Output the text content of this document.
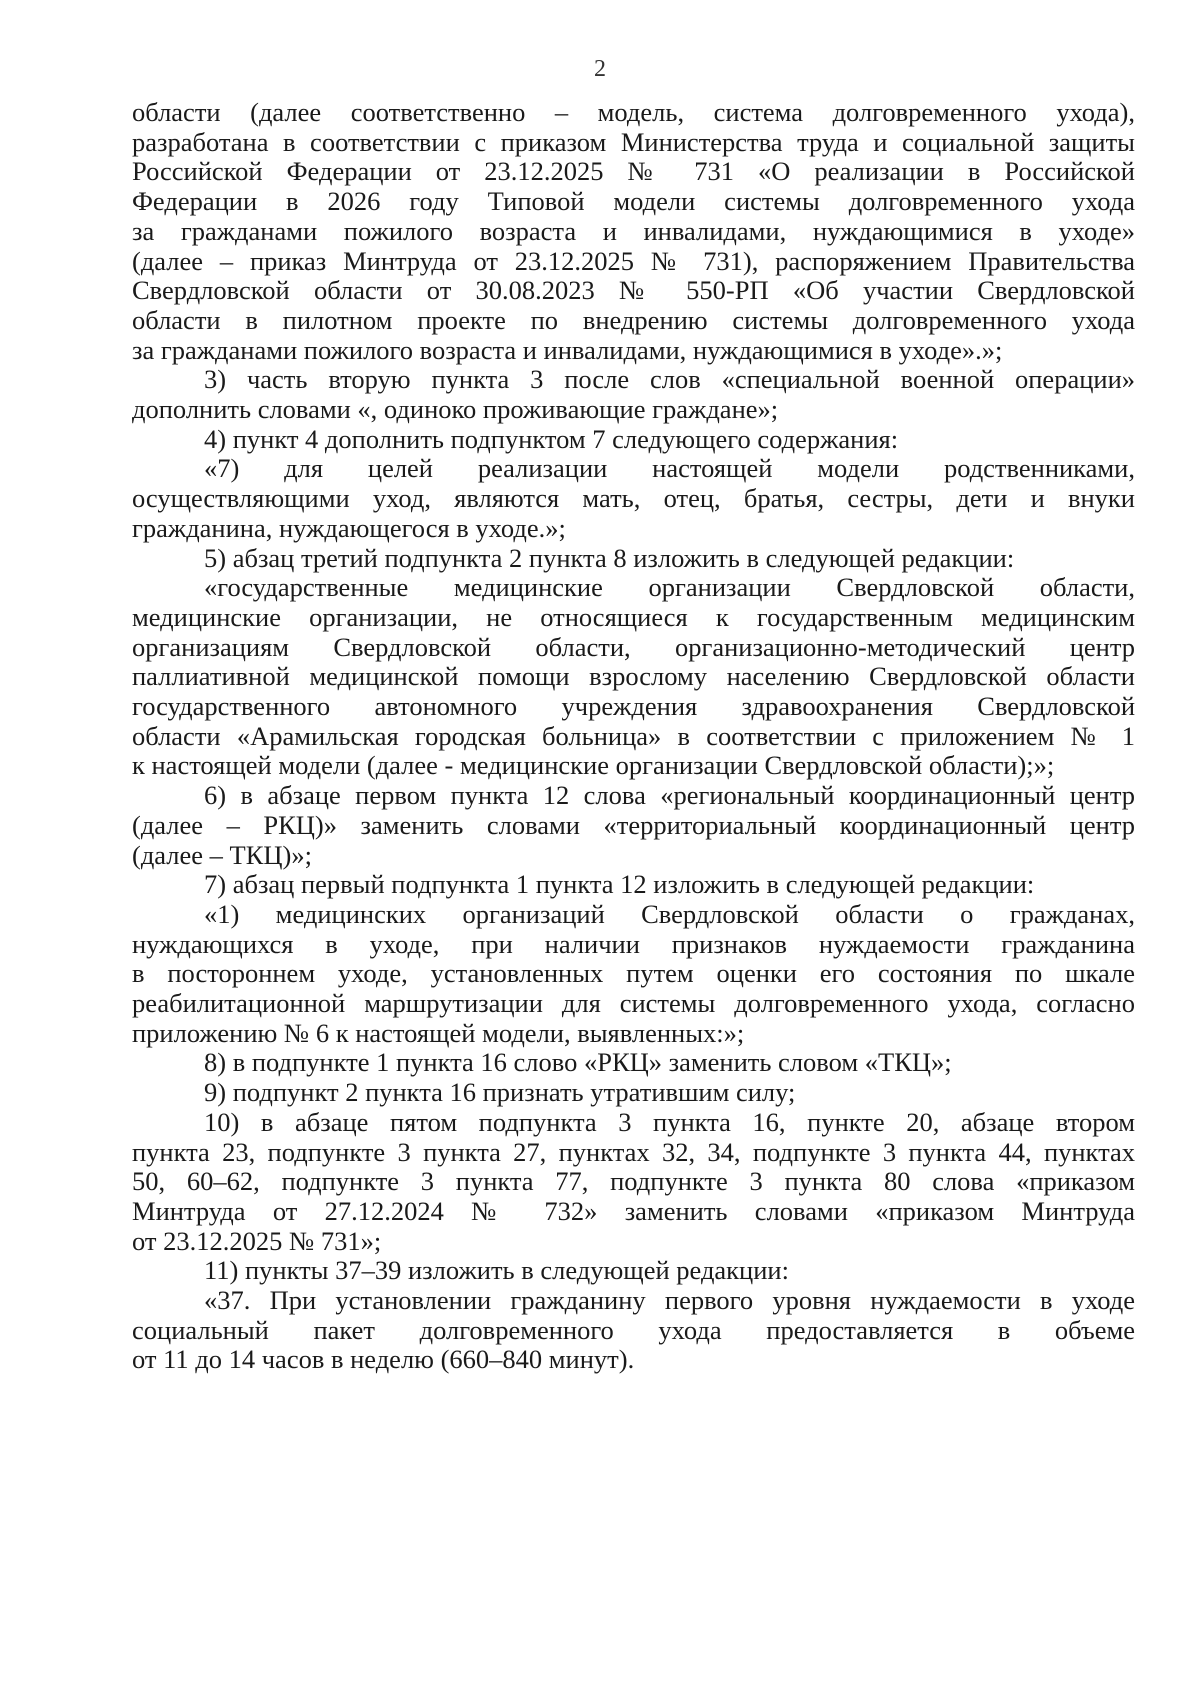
2
области (далее соответственно – модель, система долговременного ухода),
разработана в соответствии с приказом Министерства труда и социальной защиты
Российской Федерации от 23.12.2025 № 731 «О реализации в Российской
Федерации в 2026 году Типовой модели системы долговременного ухода
за гражданами пожилого возраста и инвалидами, нуждающимися в уходе»
(далее – приказ Минтруда от 23.12.2025 № 731), распоряжением Правительства
Свердловской области от 30.08.2023 № 550-РП «Об участии Свердловской
области в пилотном проекте по внедрению системы долговременного ухода
за гражданами пожилого возраста и инвалидами, нуждающимися в уходе».»;
3) часть вторую пункта 3 после слов «специальной военной операции»
дополнить словами «, одиноко проживающие граждане»;
4) пункт 4 дополнить подпунктом 7 следующего содержания:
«7) для целей реализации настоящей модели родственниками,
осуществляющими уход, являются мать, отец, братья, сестры, дети и внуки
гражданина, нуждающегося в уходе.»;
5) абзац третий подпункта 2 пункта 8 изложить в следующей редакции:
«государственные медицинские организации Свердловской области,
медицинские организации, не относящиеся к государственным медицинским
организациям Свердловской области, организационно-методический центр
паллиативной медицинской помощи взрослому населению Свердловской области
государственного автономного учреждения здравоохранения Свердловской
области «Арамильская городская больница» в соответствии с приложением № 1
к настоящей модели (далее - медицинские организации Свердловской области);»;
6) в абзаце первом пункта 12 слова «региональный координационный центр
(далее – РКЦ)» заменить словами «территориальный координационный центр
(далее – ТКЦ)»;
7) абзац первый подпункта 1 пункта 12 изложить в следующей редакции:
«1) медицинских организаций Свердловской области о гражданах,
нуждающихся в уходе, при наличии признаков нуждаемости гражданина
в постороннем уходе, установленных путем оценки его состояния по шкале
реабилитационной маршрутизации для системы долговременного ухода, согласно
приложению № 6 к настоящей модели, выявленных:»;
8) в подпункте 1 пункта 16 слово «РКЦ» заменить словом «ТКЦ»;
9) подпункт 2 пункта 16 признать утратившим силу;
10) в абзаце пятом подпункта 3 пункта 16, пункте 20, абзаце втором
пункта 23, подпункте 3 пункта 27, пунктах 32, 34, подпункте 3 пункта 44, пунктах
50, 60–62, подпункте 3 пункта 77, подпункте 3 пункта 80 слова «приказом
Минтруда от 27.12.2024 № 732» заменить словами «приказом Минтруда
от 23.12.2025 № 731»;
11) пункты 37–39 изложить в следующей редакции:
«37. При установлении гражданину первого уровня нуждаемости в уходе
социальный пакет долговременного ухода предоставляется в объеме
от 11 до 14 часов в неделю (660–840 минут).
